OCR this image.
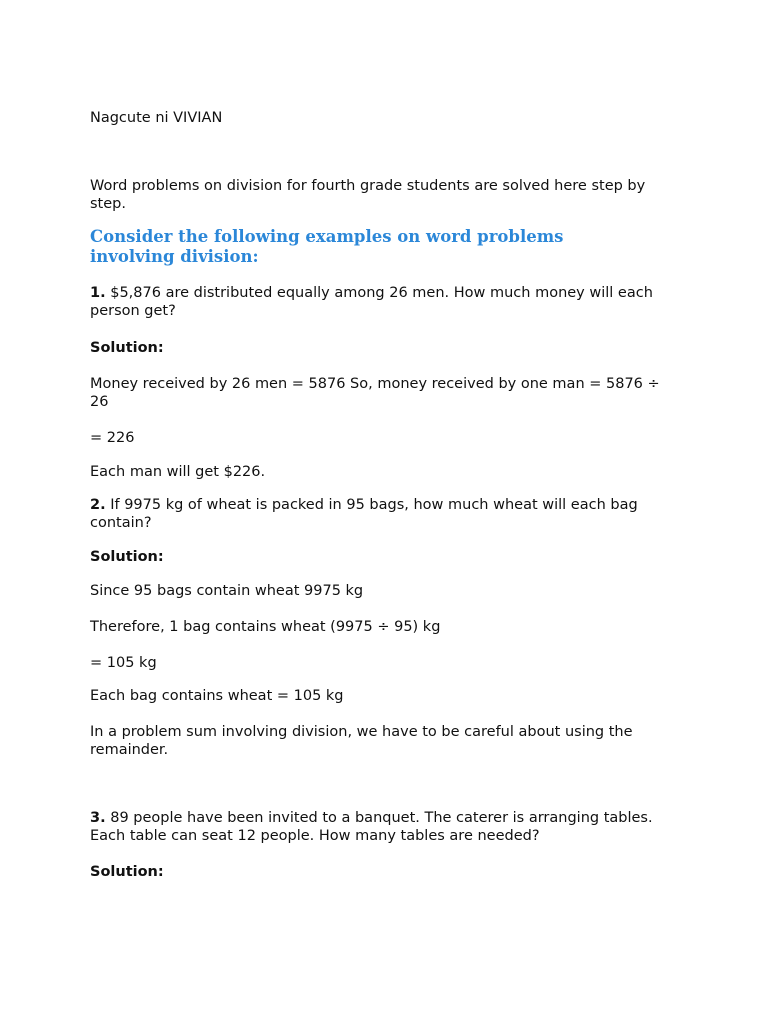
Nagcute ni VIVIAN

Word problems on division for fourth grade students are solved here step by step.

Consider the following examples on word problems involving division:

1. $5,876 are distributed equally among 26 men. How much money will each person get?

Solution:

Money received by 26 men = 5876 So, money received by one man = 5876 ÷ 26

= 226

Each man will get $226.

2. If 9975 kg of wheat is packed in 95 bags, how much wheat will each bag contain?

Solution:

Since 95 bags contain wheat 9975 kg

Therefore, 1 bag contains wheat (9975 ÷ 95) kg

= 105 kg

Each bag contains wheat = 105 kg

In a problem sum involving division, we have to be careful about using the remainder.

3. 89 people have been invited to a banquet. The caterer is arranging tables. Each table can seat 12 people. How many tables are needed?

Solution:
